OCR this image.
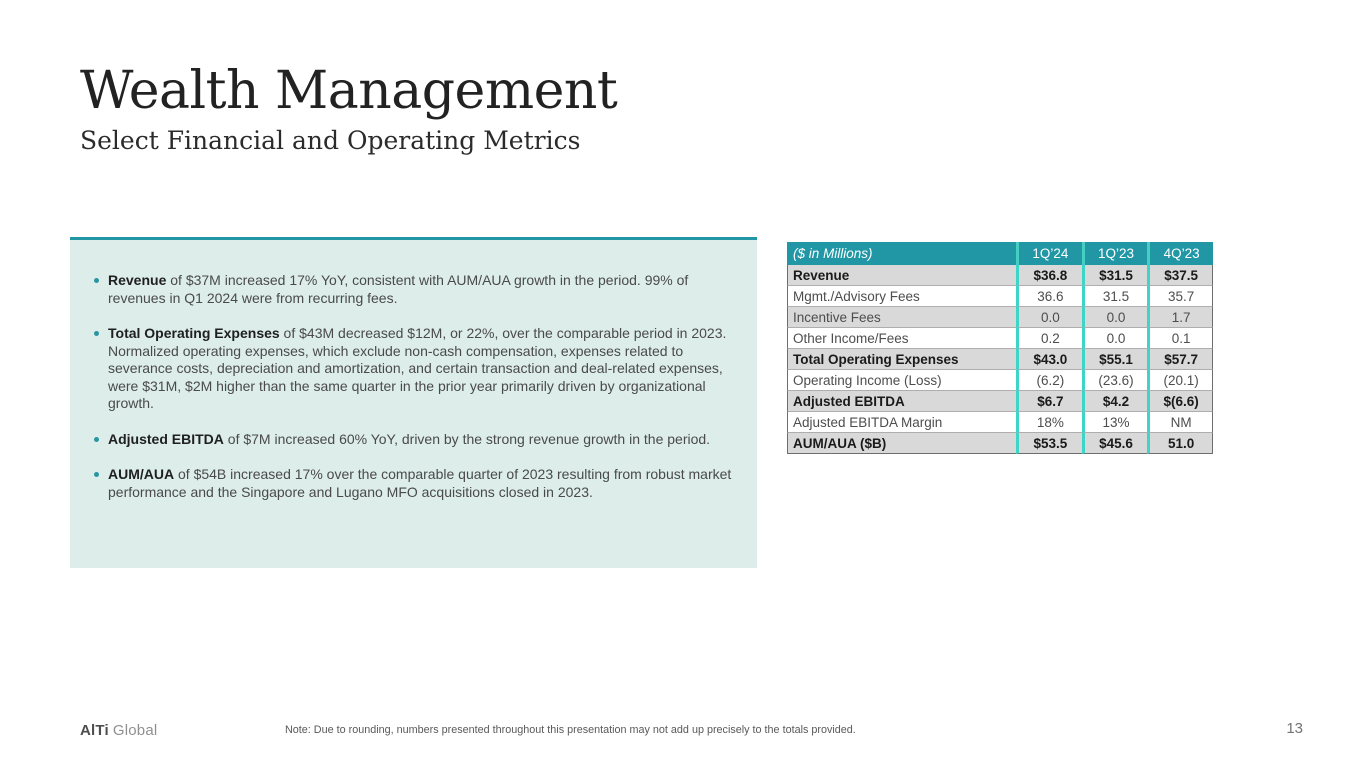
Wealth Management
Select Financial and Operating Metrics
Revenue of $37M increased 17% YoY, consistent with AUM/AUA growth in the period. 99% of revenues in Q1 2024 were from recurring fees.
Total Operating Expenses of $43M decreased $12M, or 22%, over the comparable period in 2023. Normalized operating expenses, which exclude non-cash compensation, expenses related to severance costs, depreciation and amortization, and certain transaction and deal-related expenses, were $31M, $2M higher than the same quarter in the prior year primarily driven by organizational growth.
Adjusted EBITDA of $7M increased 60% YoY, driven by the strong revenue growth in the period.
AUM/AUA of $54B increased 17% over the comparable quarter of 2023 resulting from robust market performance and the Singapore and Lugano MFO acquisitions closed in 2023.
($ in Millions)	1Q’24	1Q’23	4Q’23
Revenue	$36.8	$31.5	$37.5
Mgmt./Advisory Fees	36.6	31.5	35.7
Incentive Fees	0.0	0.0	1.7
Other Income/Fees	0.2	0.0	0.1
Total Operating Expenses	$43.0	$55.1	$57.7
Operating Income (Loss)	(6.2)	(23.6)	(20.1)
Adjusted EBITDA	$6.7	$4.2	$(6.6)
Adjusted EBITDA Margin	18%	13%	NM
AUM/AUA ($B)	$53.5	$45.6	51.0
AlTi Global	Note: Due to rounding, numbers presented throughout this presentation may not add up precisely to the totals provided.	13
